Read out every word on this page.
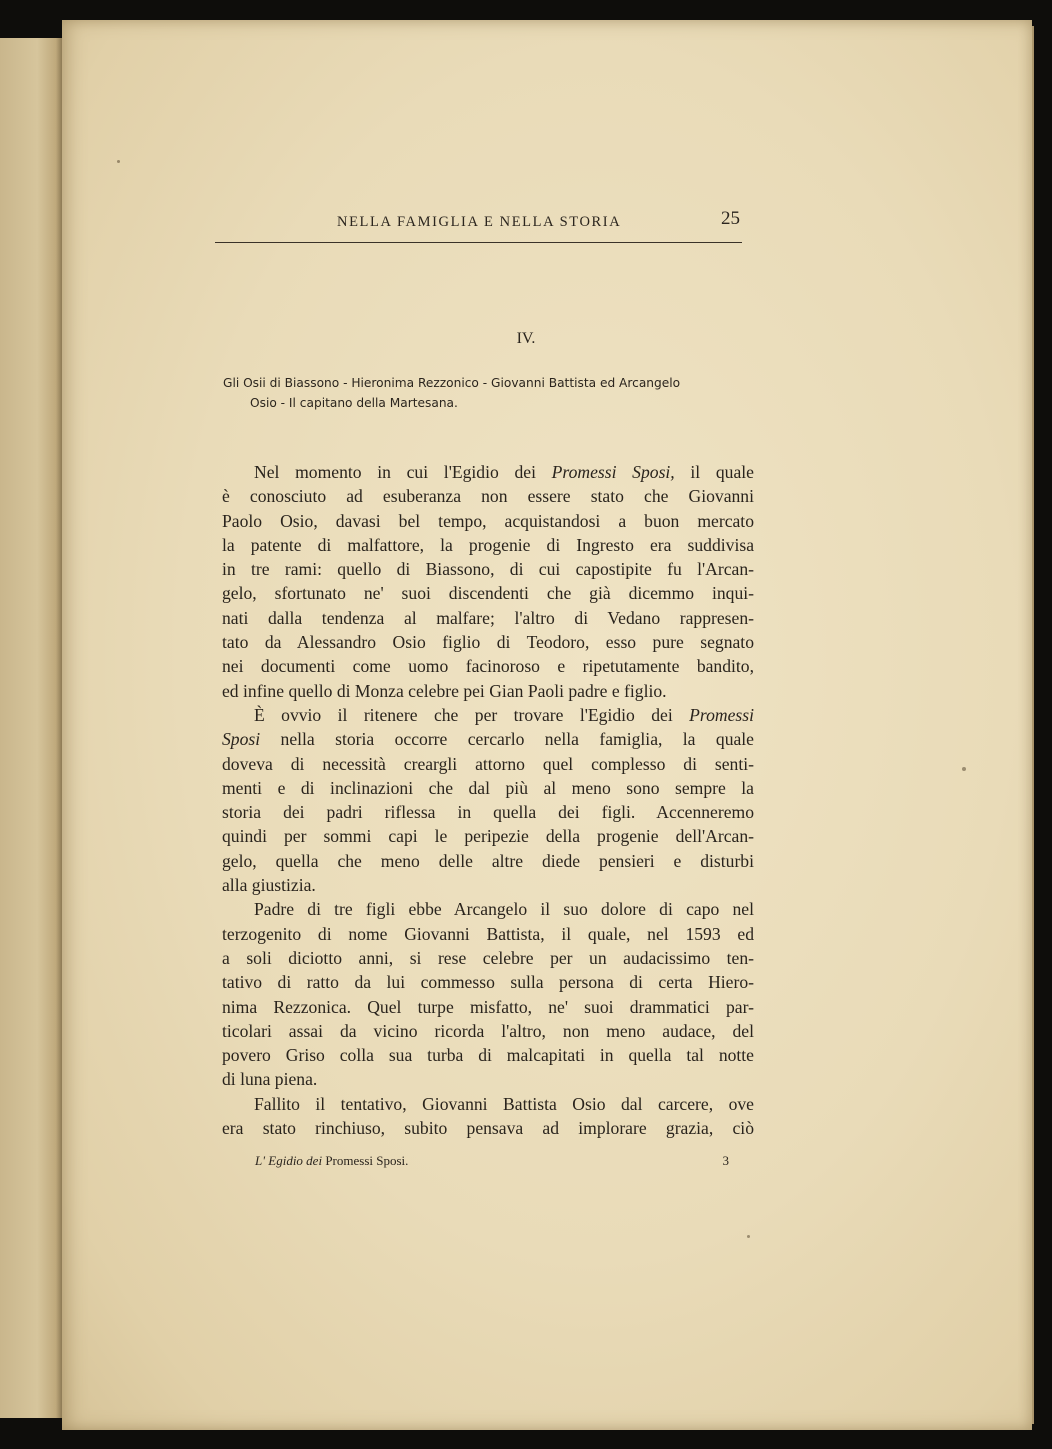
NELLA FAMIGLIA E NELLA STORIA	25
IV.
Gli Osii di Biassono - Hieronima Rezzonico - Giovanni Battista ed Arcangelo
Osio - Il capitano della Martesana.
Nel momento in cui l'Egidio dei Promessi Sposi, il quale
è conosciuto ad esuberanza non essere stato che Giovanni
Paolo Osio, davasi bel tempo, acquistandosi a buon mercato
la patente di malfattore, la progenie di Ingresto era suddivisa
in tre rami: quello di Biassono, di cui capostipite fu l'Arcan-
gelo, sfortunato ne' suoi discendenti che già dicemmo inqui-
nati dalla tendenza al malfare; l'altro di Vedano rappresen-
tato da Alessandro Osio figlio di Teodoro, esso pure segnato
nei documenti come uomo facinoroso e ripetutamente bandito,
ed infine quello di Monza celebre pei Gian Paoli padre e figlio.
È ovvio il ritenere che per trovare l'Egidio dei Promessi
Sposi nella storia occorre cercarlo nella famiglia, la quale
doveva di necessità creargli attorno quel complesso di senti-
menti e di inclinazioni che dal più al meno sono sempre la
storia dei padri riflessa in quella dei figli. Accenneremo
quindi per sommi capi le peripezie della progenie dell'Arcan-
gelo, quella che meno delle altre diede pensieri e disturbi
alla giustizia.
Padre di tre figli ebbe Arcangelo il suo dolore di capo nel
terzogenito di nome Giovanni Battista, il quale, nel 1593 ed
a soli diciotto anni, si rese celebre per un audacissimo ten-
tativo di ratto da lui commesso sulla persona di certa Hiero-
nima Rezzonica. Quel turpe misfatto, ne' suoi drammatici par-
ticolari assai da vicino ricorda l'altro, non meno audace, del
povero Griso colla sua turba di malcapitati in quella tal notte
di luna piena.
Fallito il tentativo, Giovanni Battista Osio dal carcere, ove
era stato rinchiuso, subito pensava ad implorare grazia, ciò
L' Egidio dei Promessi Sposi.	3
